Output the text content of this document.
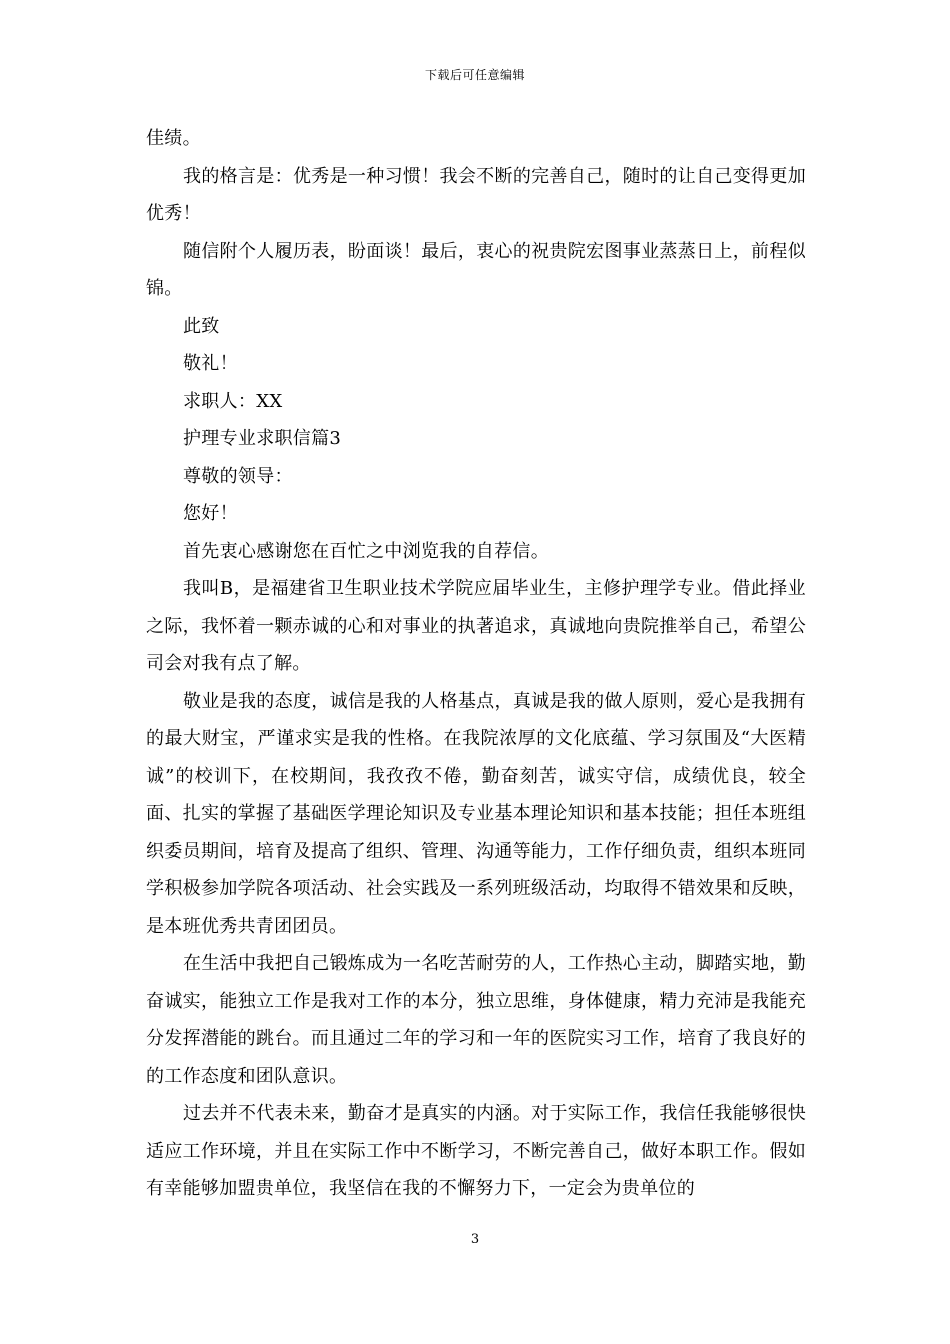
下载后可任意编辑

佳绩。

我的格言是：优秀是一种习惯！我会不断的完善自己，随时的让自己变得更加优秀！

随信附个人履历表，盼面谈！最后，衷心的祝贵院宏图事业蒸蒸日上，前程似锦。

此致

敬礼！

求职人：XX

护理专业求职信篇3

尊敬的领导：

您好！

首先衷心感谢您在百忙之中浏览我的自荐信。

我叫B，是福建省卫生职业技术学院应届毕业生，主修护理学专业。借此择业之际，我怀着一颗赤诚的心和对事业的执著追求，真诚地向贵院推举自己，希望公司会对我有点了解。

敬业是我的态度，诚信是我的人格基点，真诚是我的做人原则，爱心是我拥有的最大财宝，严谨求实是我的性格。在我院浓厚的文化底蕴、学习氛围及“大医精诚”的校训下，在校期间，我孜孜不倦，勤奋刻苦，诚实守信，成绩优良，较全面、扎实的掌握了基础医学理论知识及专业基本理论知识和基本技能；担任本班组织委员期间，培育及提高了组织、管理、沟通等能力，工作仔细负责，组织本班同学积极参加学院各项活动、社会实践及一系列班级活动，均取得不错效果和反映，是本班优秀共青团团员。

在生活中我把自己锻炼成为一名吃苦耐劳的人，工作热心主动，脚踏实地，勤奋诚实，能独立工作是我对工作的本分，独立思维，身体健康，精力充沛是我能充分发挥潜能的跳台。而且通过二年的学习和一年的医院实习工作，培育了我良好的的工作态度和团队意识。

过去并不代表未来，勤奋才是真实的内涵。对于实际工作，我信任我能够很快适应工作环境，并且在实际工作中不断学习，不断完善自己，做好本职工作。假如有幸能够加盟贵单位，我坚信在我的不懈努力下，一定会为贵单位的

3
